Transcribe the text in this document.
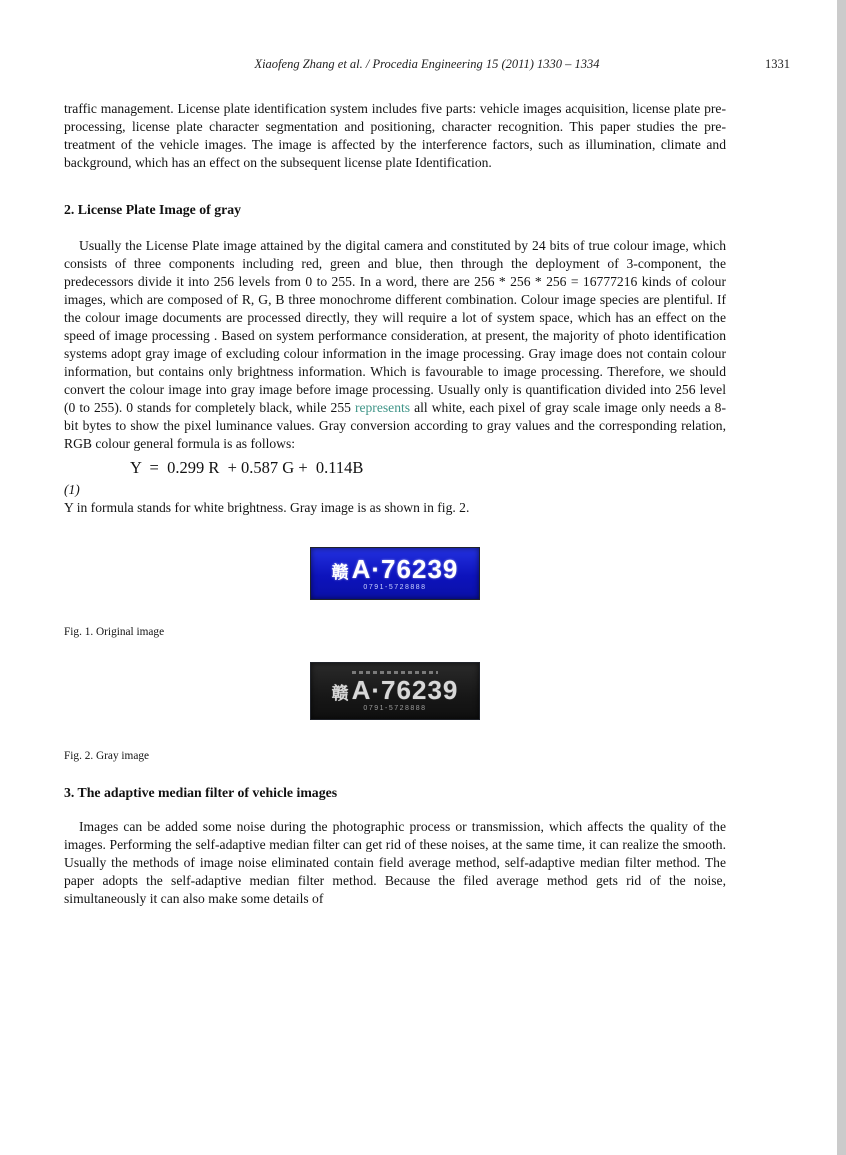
Xiaofeng Zhang et al. / Procedia Engineering 15 (2011) 1330 – 1334	1331

traffic management. License plate identification system includes five parts: vehicle images acquisition, license plate pre-processing, license plate character segmentation and positioning, character recognition. This paper studies the pre-treatment of the vehicle images. The image is affected by the interference factors, such as illumination, climate and background, which has an effect on the subsequent license plate Identification.

2. License Plate Image of gray

Usually the License Plate image attained by the digital camera and constituted by 24 bits of true colour image, which consists of three components including red, green and blue, then through the deployment of 3-component, the predecessors divide it into 256 levels from 0 to 255. In a word, there are 256 * 256 * 256 = 16777216 kinds of colour images, which are composed of R, G, B three monochrome different combination. Colour image species are plentiful. If the colour image documents are processed directly, they will require a lot of system space, which has an effect on the speed of image processing . Based on system performance consideration, at present, the majority of photo identification systems adopt gray image of excluding colour information in the image processing. Gray image does not contain colour information, but contains only brightness information. Which is favourable to image processing. Therefore, we should convert the colour image into gray image before image processing. Usually only is quantification divided into 256 level (0 to 255). 0 stands for completely black, while 255 represents all white, each pixel of gray scale image only needs a 8-bit bytes to show the pixel luminance values. Gray conversion according to gray values and the corresponding relation, RGB colour general formula is as follows:

Y  =  0.299 R  + 0.587 G +  0.114B
(1)

Y in formula stands for white brightness. Gray image is as shown in fig. 2.

赣 A·76239
0791-5728888

Fig. 1. Original image

赣 A·76239
0791-5728888

Fig. 2. Gray image

3. The adaptive median filter of vehicle images

Images can be added some noise during the photographic process or transmission, which affects the quality of the images. Performing the self-adaptive median filter can get rid of these noises, at the same time, it can realize the smooth. Usually the methods of image noise eliminated contain field average method, self-adaptive median filter method. The paper adopts the self-adaptive median filter method. Because the filed average method gets rid of the noise, simultaneously it can also make some details of
